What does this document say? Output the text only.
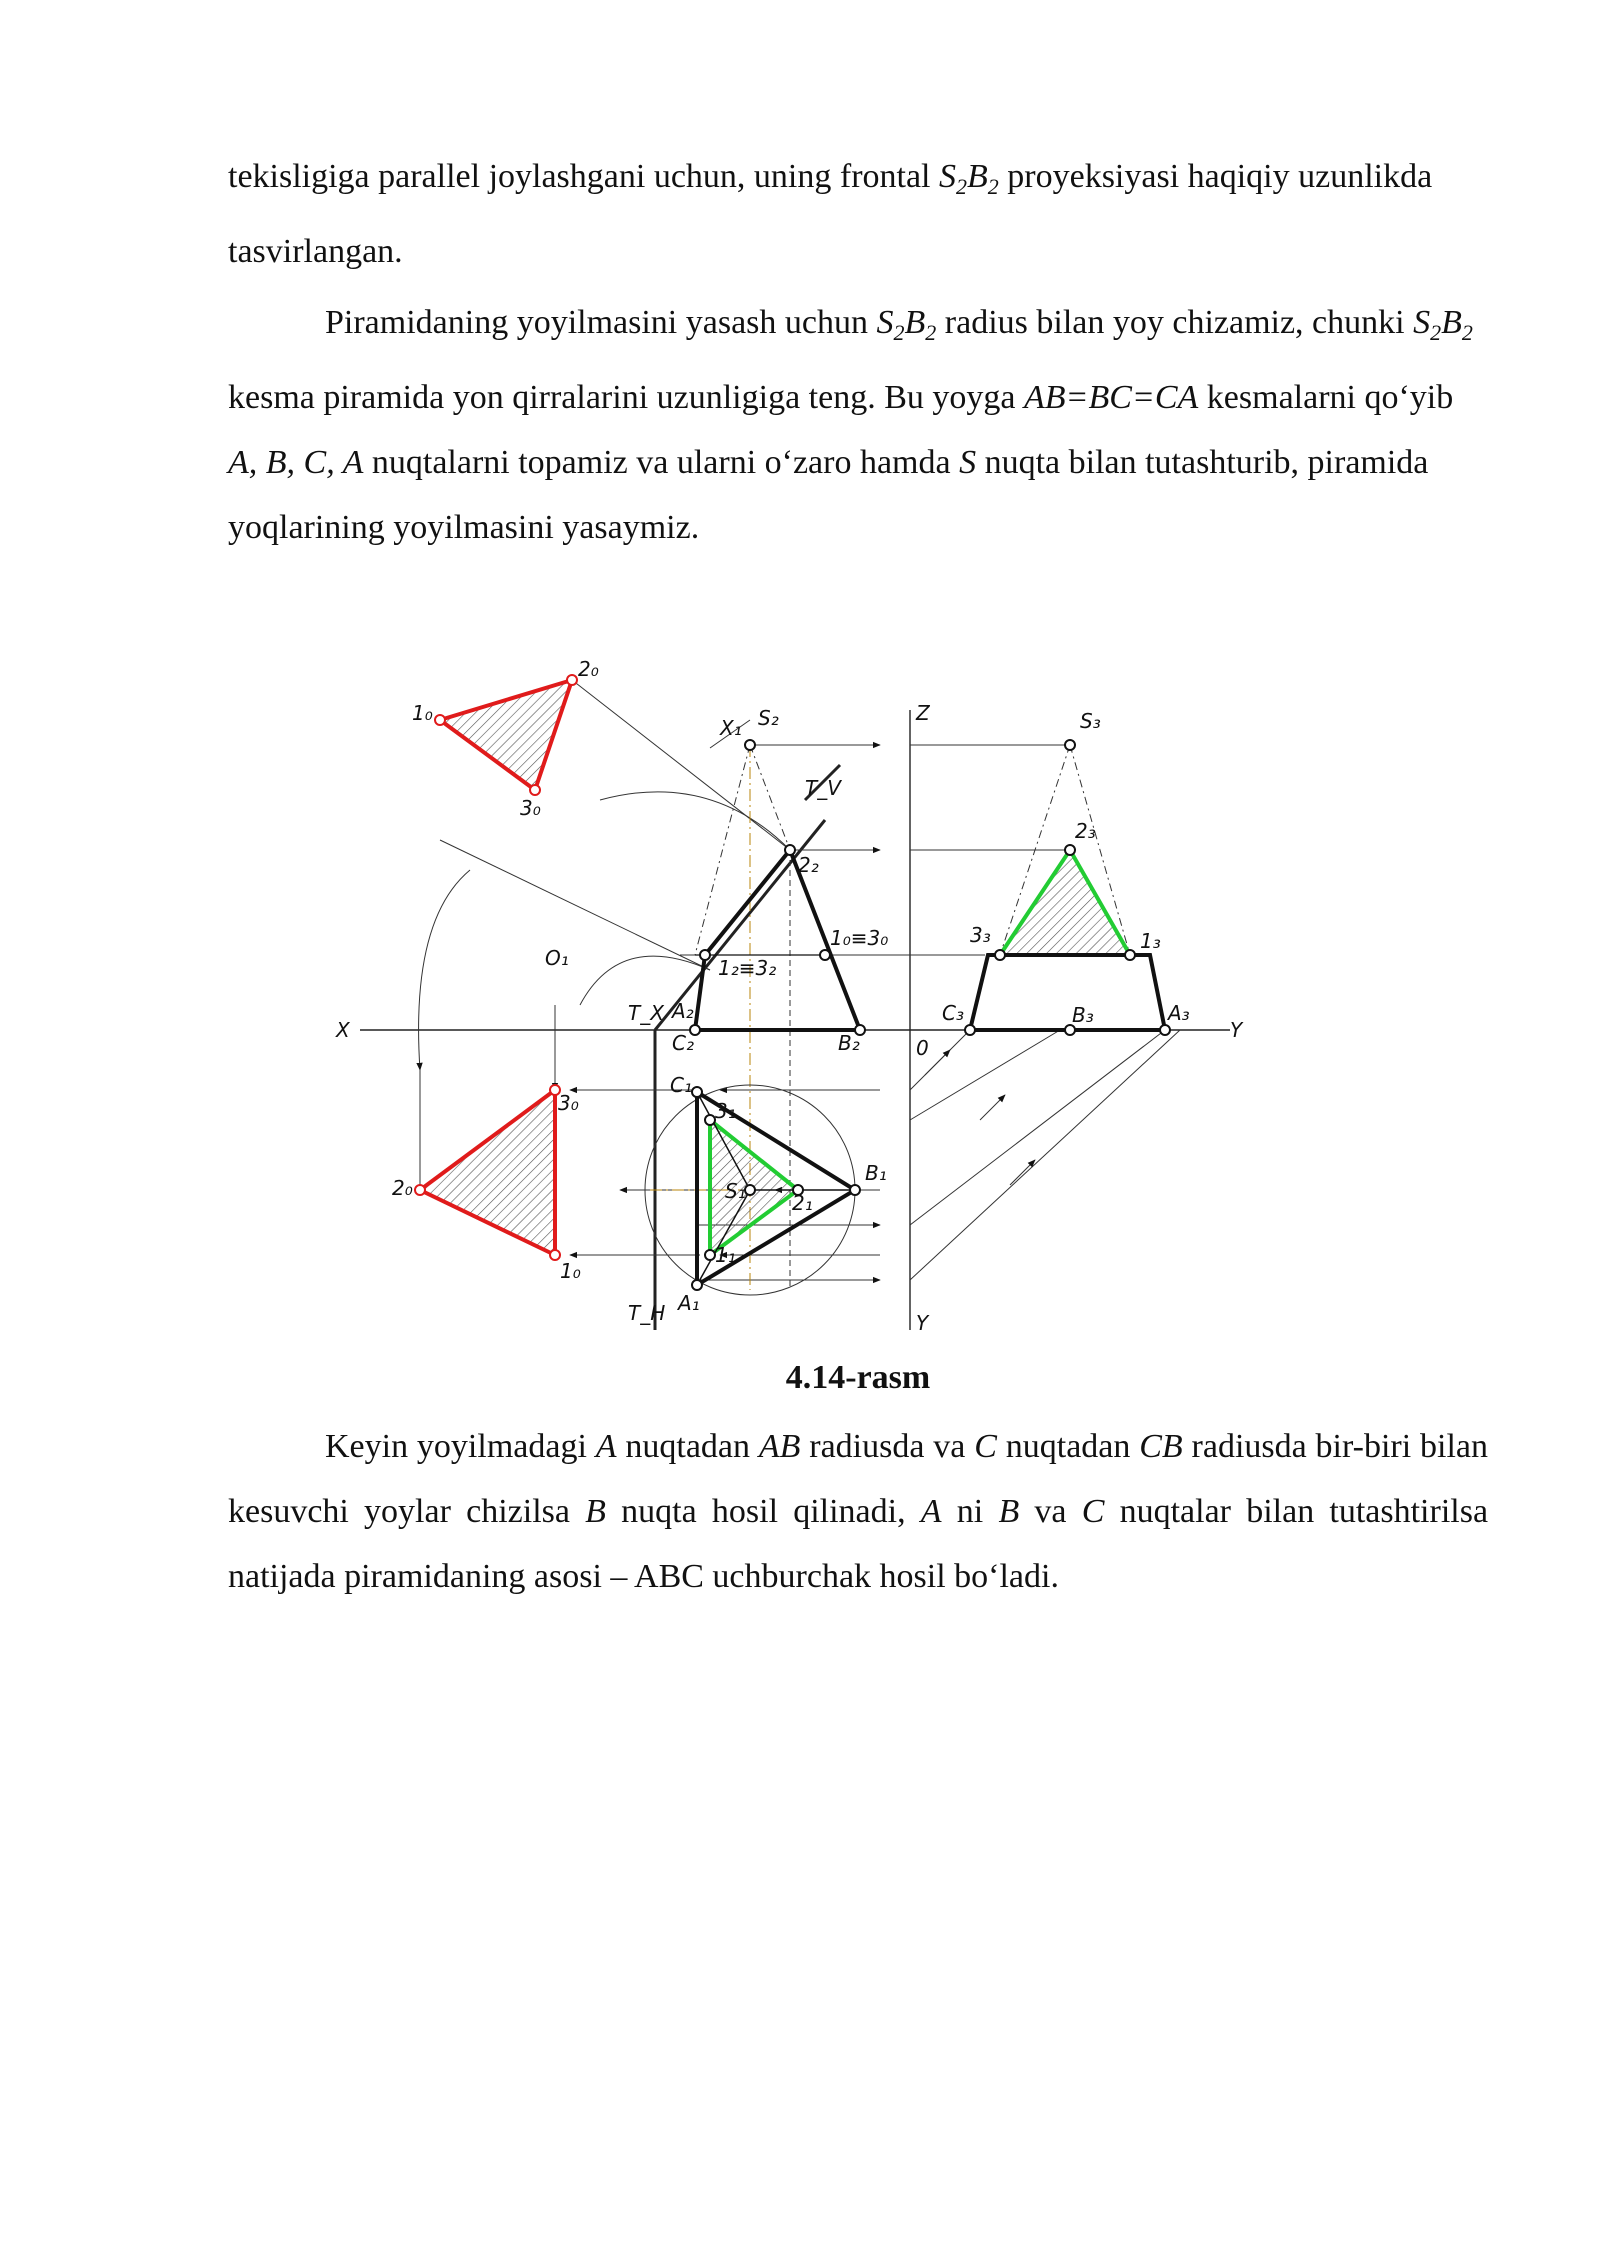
tekisligiga parallel joylashgani uchun, uning frontal $S_2B_2$ proyeksiyasi haqiqiy uzunlikda tasvirlangan.

Piramidaning yoyilmasini yasash uchun $S_2B_2$ radius bilan yoy chizamiz, chunki $S_2B_2$ kesma piramida yon qirralarini uzunligiga teng. Bu yoyga AB=BC=CA kesmalarni qo‘yib A, B, C, A nuqtalarni topamiz va ularni o‘zaro hamda S nuqta bilan tutashturib, piramida yoqlarining yoyilmasini yasaymiz.

1₀
2₀
3₀
X₁ S₂
T_V
2₂
1₀≡3₀
1₂≡3₂
O₁
T_X A₂
C₂	B₂
X
0
Z	S₃
2₃
3₃	1₃
C₃	B₃	A₃
Y
Y
C₁
3₁
B₁
S₁ 2₁
1₁
A₁
T_H
3₀
2₀
1₀
4.14-rasm

Keyin yoyilmadagi A nuqtadan AB radiusda va C nuqtadan CB radiusda bir-biri bilan kesuvchi yoylar chizilsa B nuqta hosil qilinadi, A ni B va C nuqtalar bilan tutashtirilsa natijada piramidaning asosi – ABC uchburchak hosil bo‘ladi.
